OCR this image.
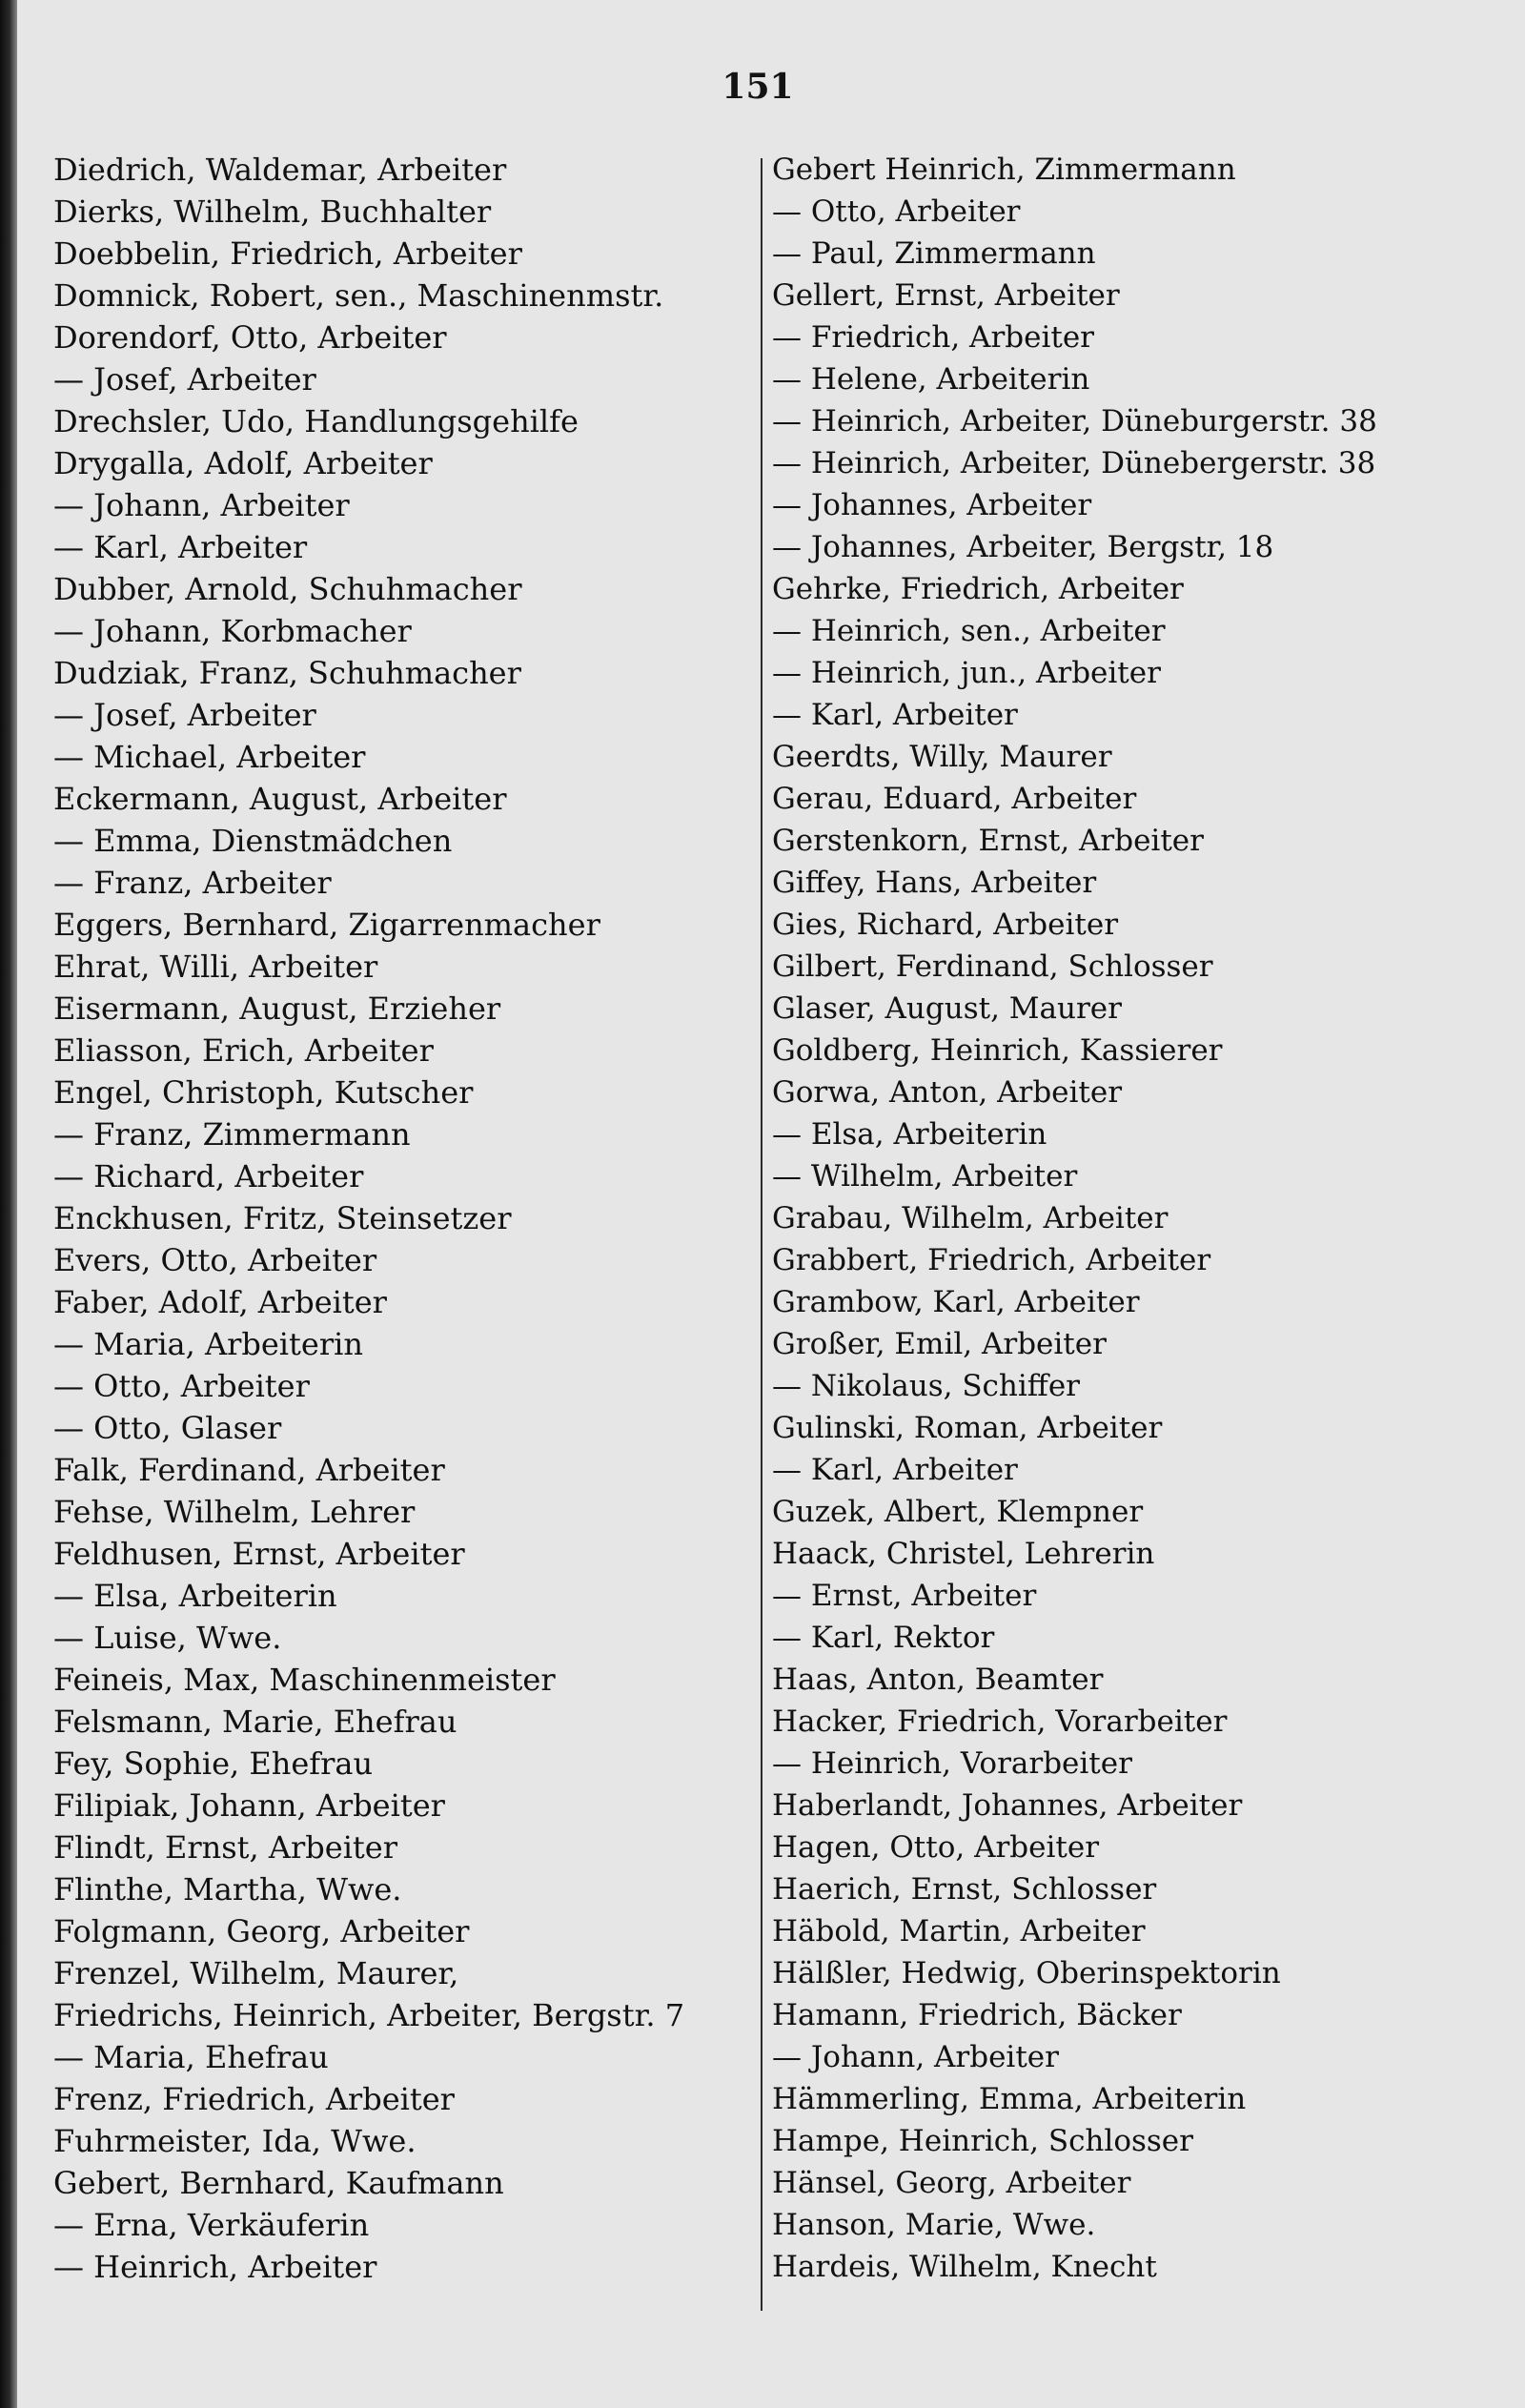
151
Diedrich, Waldemar, Arbeiter
Dierks, Wilhelm, Buchhalter
Doebbelin, Friedrich, Arbeiter
Domnick, Robert, sen., Maschinenmstr.
Dorendorf, Otto, Arbeiter
— Josef, Arbeiter
Drechsler, Udo, Handlungsgehilfe
Drygalla, Adolf, Arbeiter
— Johann, Arbeiter
— Karl, Arbeiter
Dubber, Arnold, Schuhmacher
— Johann, Korbmacher
Dudziak, Franz, Schuhmacher
— Josef, Arbeiter
— Michael, Arbeiter
Eckermann, August, Arbeiter
— Emma, Dienstmädchen
— Franz, Arbeiter
Eggers, Bernhard, Zigarrenmacher
Ehrat, Willi, Arbeiter
Eisermann, August, Erzieher
Eliasson, Erich, Arbeiter
Engel, Christoph, Kutscher
— Franz, Zimmermann
— Richard, Arbeiter
Enckhusen, Fritz, Steinsetzer
Evers, Otto, Arbeiter
Faber, Adolf, Arbeiter
— Maria, Arbeiterin
— Otto, Arbeiter
— Otto, Glaser
Falk, Ferdinand, Arbeiter
Fehse, Wilhelm, Lehrer
Feldhusen, Ernst, Arbeiter
— Elsa, Arbeiterin
— Luise, Wwe.
Feineis, Max, Maschinenmeister
Felsmann, Marie, Ehefrau
Fey, Sophie, Ehefrau
Filipiak, Johann, Arbeiter
Flindt, Ernst, Arbeiter
Flinthe, Martha, Wwe.
Folgmann, Georg, Arbeiter
Frenzel, Wilhelm, Maurer,
Friedrichs, Heinrich, Arbeiter, Bergstr. 7
— Maria, Ehefrau
Frenz, Friedrich, Arbeiter
Fuhrmeister, Ida, Wwe.
Gebert, Bernhard, Kaufmann
— Erna, Verkäuferin
— Heinrich, Arbeiter
Gebert Heinrich, Zimmermann
— Otto, Arbeiter
— Paul, Zimmermann
Gellert, Ernst, Arbeiter
— Friedrich, Arbeiter
— Helene, Arbeiterin
— Heinrich, Arbeiter, Düneburgerstr. 38
— Heinrich, Arbeiter, Dünebergerstr. 38
— Johannes, Arbeiter
— Johannes, Arbeiter, Bergstr, 18
Gehrke, Friedrich, Arbeiter
— Heinrich, sen., Arbeiter
— Heinrich, jun., Arbeiter
— Karl, Arbeiter
Geerdts, Willy, Maurer
Gerau, Eduard, Arbeiter
Gerstenkorn, Ernst, Arbeiter
Giffey, Hans, Arbeiter
Gies, Richard, Arbeiter
Gilbert, Ferdinand, Schlosser
Glaser, August, Maurer
Goldberg, Heinrich, Kassierer
Gorwa, Anton, Arbeiter
— Elsa, Arbeiterin
— Wilhelm, Arbeiter
Grabau, Wilhelm, Arbeiter
Grabbert, Friedrich, Arbeiter
Grambow, Karl, Arbeiter
Großer, Emil, Arbeiter
— Nikolaus, Schiffer
Gulinski, Roman, Arbeiter
— Karl, Arbeiter
Guzek, Albert, Klempner
Haack, Christel, Lehrerin
— Ernst, Arbeiter
— Karl, Rektor
Haas, Anton, Beamter
Hacker, Friedrich, Vorarbeiter
— Heinrich, Vorarbeiter
Haberlandt, Johannes, Arbeiter
Hagen, Otto, Arbeiter
Haerich, Ernst, Schlosser
Häbold, Martin, Arbeiter
Hälßler, Hedwig, Oberinspektorin
Hamann, Friedrich, Bäcker
— Johann, Arbeiter
Hämmerling, Emma, Arbeiterin
Hampe, Heinrich, Schlosser
Hänsel, Georg, Arbeiter
Hanson, Marie, Wwe.
Hardeis, Wilhelm, Knecht
